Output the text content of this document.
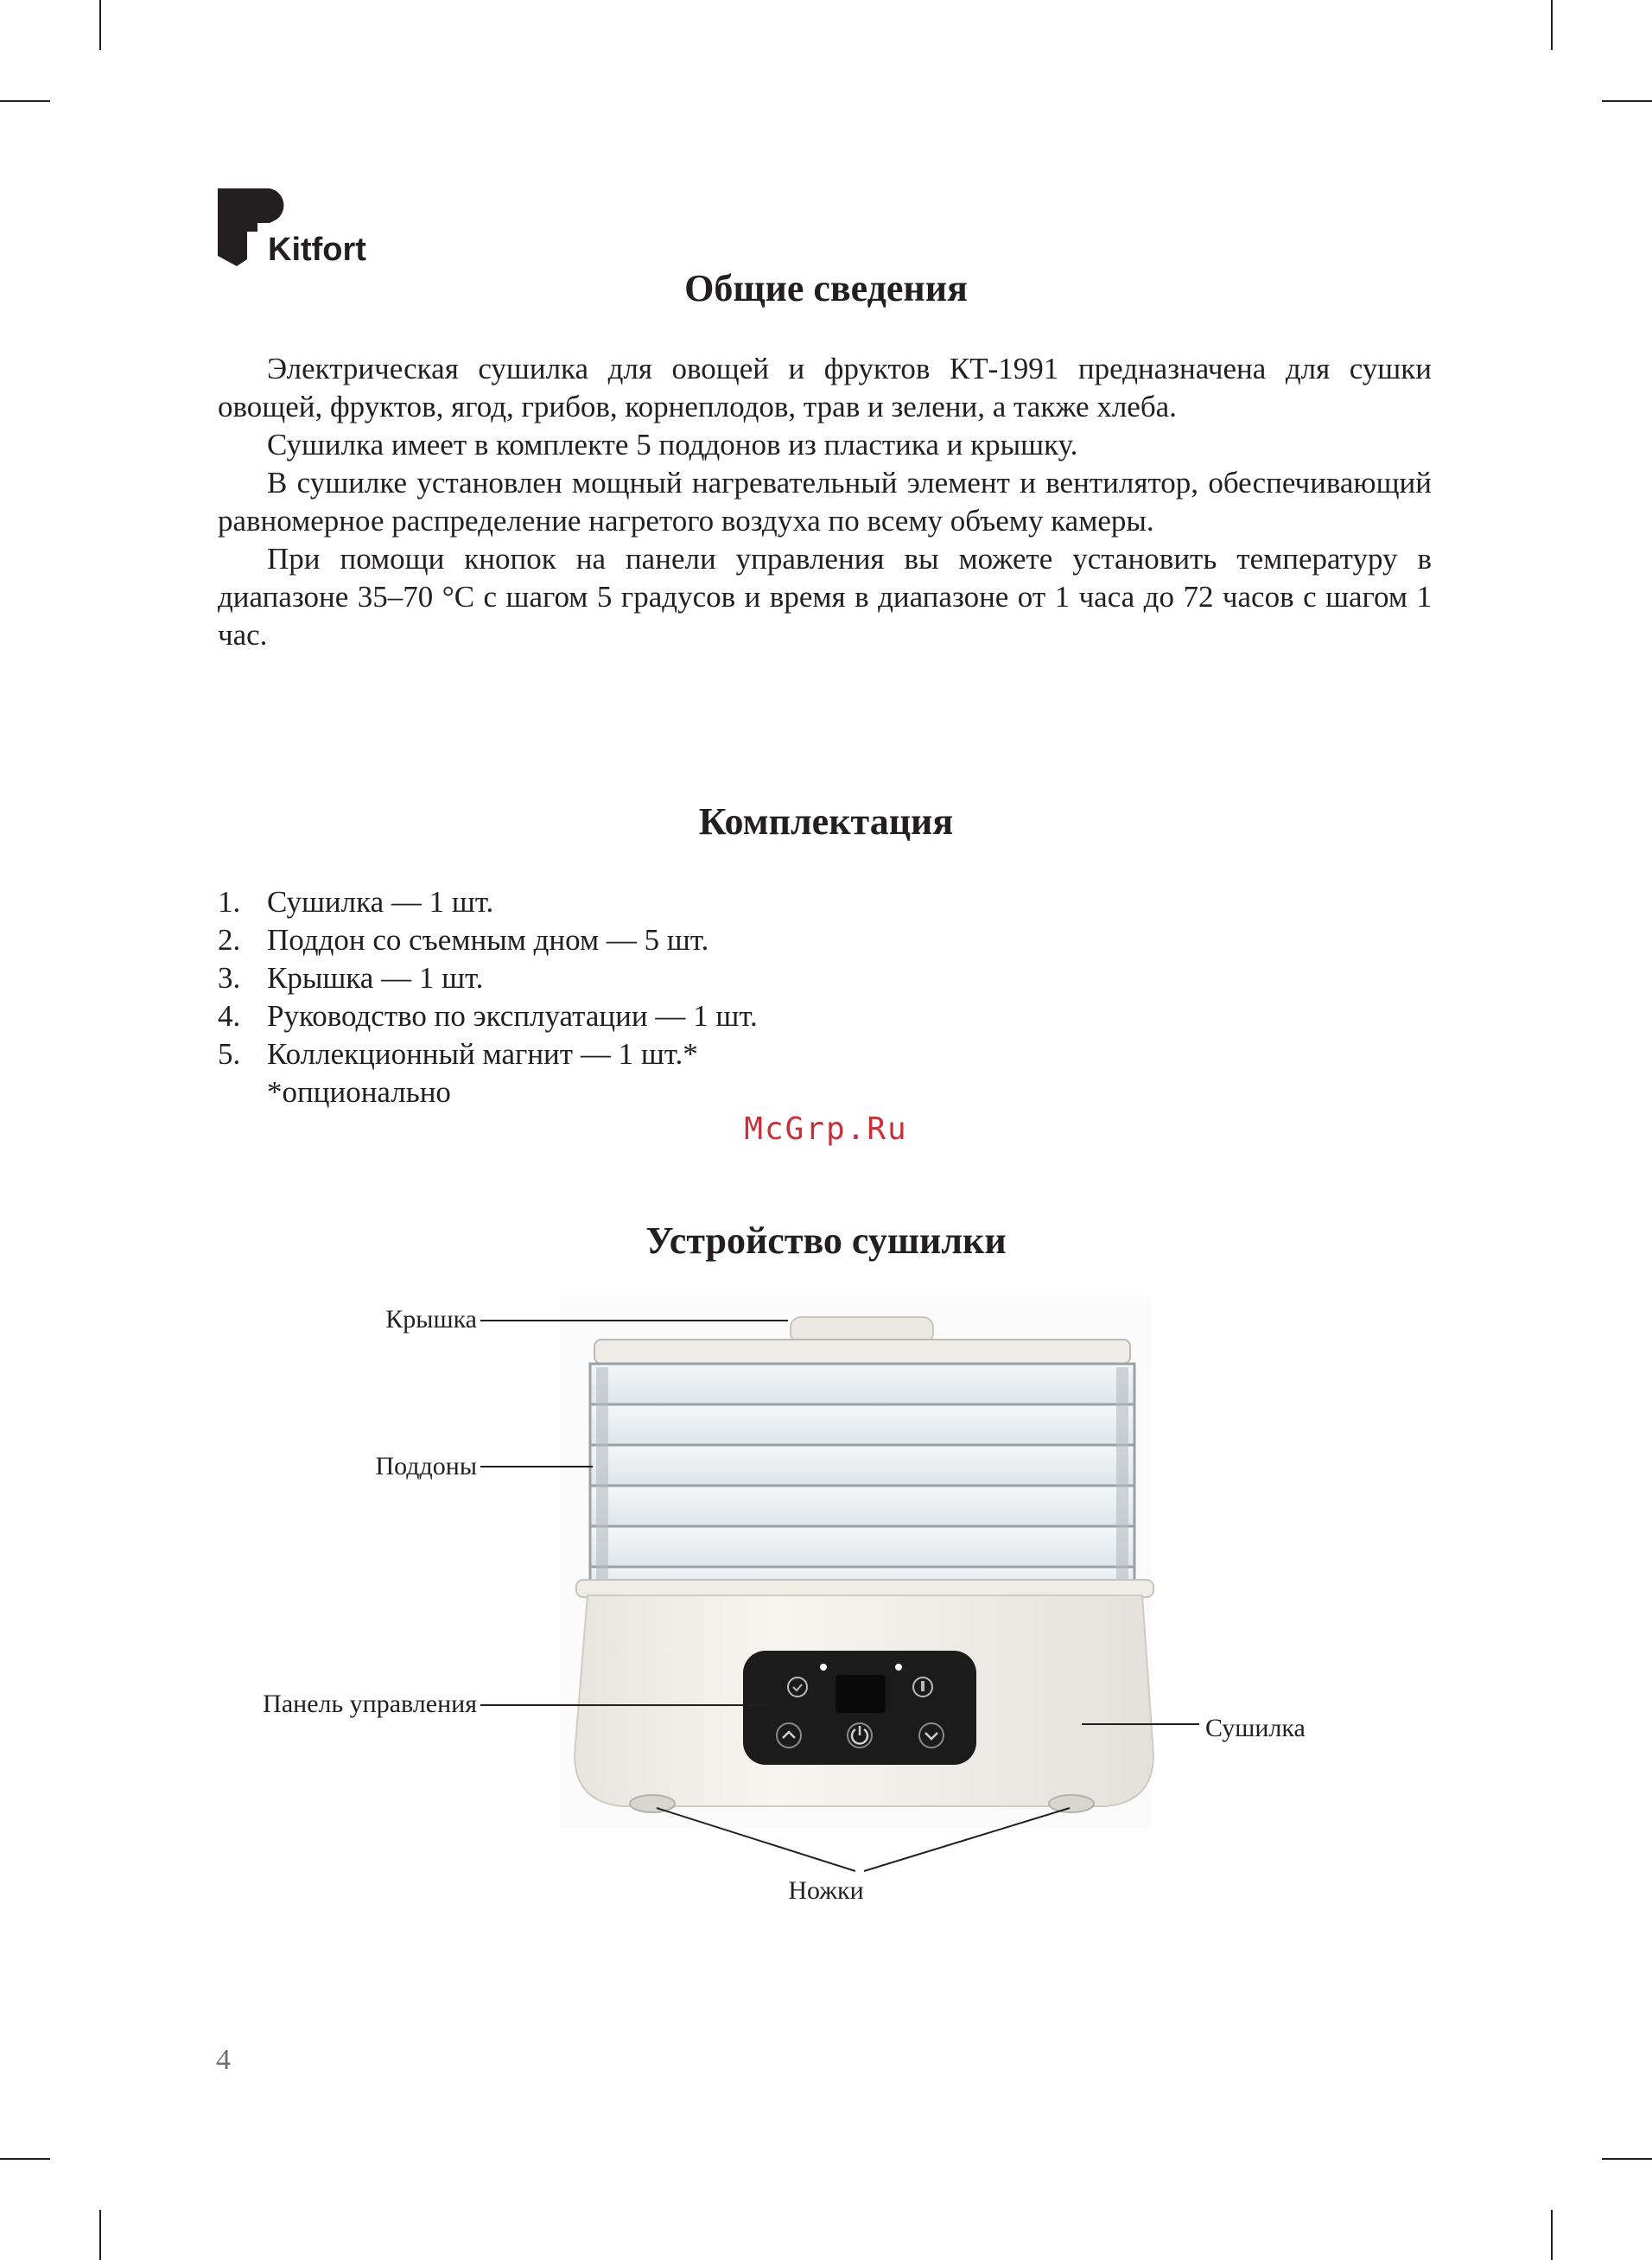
Kitfort
Общие сведения

Электрическая сушилка для овощей и фруктов КТ-1991 предназначена для сушки овощей, фруктов, ягод, грибов, корнеплодов, трав и зелени, а также хлеба.

Сушилка имеет в комплекте 5 поддонов из пластика и крышку.

В сушилке установлен мощный нагревательный элемент и вентилятор, обеспечивающий равномерное распределение нагретого воздуха по всему объему камеры.

При помощи кнопок на панели управления вы можете установить температуру в диапазоне 35–70 °С с шагом 5 градусов и время в диапазоне от 1 часа до 72 часов с шагом 1 час.

Комплектация
1. Сушилка — 1 шт.
2. Поддон со съемным дном — 5 шт.
3. Крышка — 1 шт.
4. Руководство по эксплуатации — 1 шт.
5. Коллекционный магнит — 1 шт.*
*опционально
McGrp.Ru
Устройство сушилки
Крышка
Поддоны
Панель управления
Сушилка
Ножки
4
